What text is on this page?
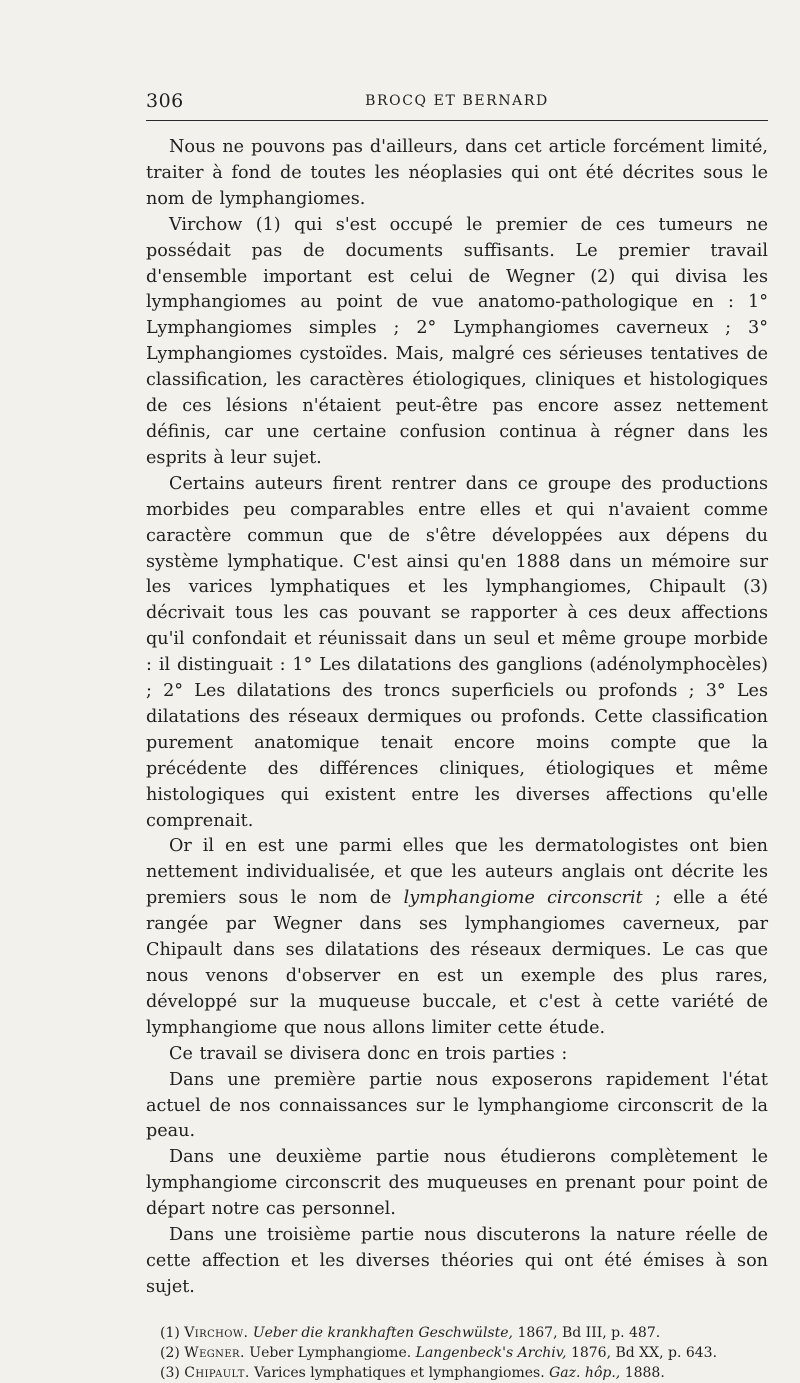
306	BROCQ ET BERNARD

Nous ne pouvons pas d'ailleurs, dans cet article forcément limité, traiter à fond de toutes les néoplasies qui ont été décrites sous le nom de lymphangiomes.

Virchow (1) qui s'est occupé le premier de ces tumeurs ne possédait pas de documents suffisants. Le premier travail d'ensemble important est celui de Wegner (2) qui divisa les lymphangiomes au point de vue anatomo-pathologique en : 1° Lymphangiomes simples ; 2° Lymphangiomes caverneux ; 3° Lymphangiomes cystoïdes. Mais, malgré ces sérieuses tentatives de classification, les caractères étiologiques, cliniques et histologiques de ces lésions n'étaient peut-être pas encore assez nettement définis, car une certaine confusion continua à régner dans les esprits à leur sujet.

Certains auteurs firent rentrer dans ce groupe des productions morbides peu comparables entre elles et qui n'avaient comme caractère commun que de s'être développées aux dépens du système lymphatique. C'est ainsi qu'en 1888 dans un mémoire sur les varices lymphatiques et les lymphangiomes, Chipault (3) décrivait tous les cas pouvant se rapporter à ces deux affections qu'il confondait et réunissait dans un seul et même groupe morbide : il distinguait : 1° Les dilatations des ganglions (adénolymphocèles) ; 2° Les dilatations des troncs superficiels ou profonds ; 3° Les dilatations des réseaux dermiques ou profonds. Cette classification purement anatomique tenait encore moins compte que la précédente des différences cliniques, étiologiques et même histologiques qui existent entre les diverses affections qu'elle comprenait.

Or il en est une parmi elles que les dermatologistes ont bien nettement individualisée, et que les auteurs anglais ont décrite les premiers sous le nom de lymphangiome circonscrit ; elle a été rangée par Wegner dans ses lymphangiomes caverneux, par Chipault dans ses dilatations des réseaux dermiques. Le cas que nous venons d'observer en est un exemple des plus rares, développé sur la muqueuse buccale, et c'est à cette variété de lymphangiome que nous allons limiter cette étude.

Ce travail se divisera donc en trois parties :

Dans une première partie nous exposerons rapidement l'état actuel de nos connaissances sur le lymphangiome circonscrit de la peau.

Dans une deuxième partie nous étudierons complètement le lymphangiome circonscrit des muqueuses en prenant pour point de départ notre cas personnel.

Dans une troisième partie nous discuterons la nature réelle de cette affection et les diverses théories qui ont été émises à son sujet.

(1) Virchow. Ueber die krankhaften Geschwülste, 1867, Bd III, p. 487.

(2) Wegner. Ueber Lymphangiome. Langenbeck's Archiv, 1876, Bd XX, p. 643.

(3) Chipault. Varices lymphatiques et lymphangiomes. Gaz. hôp., 1888.
